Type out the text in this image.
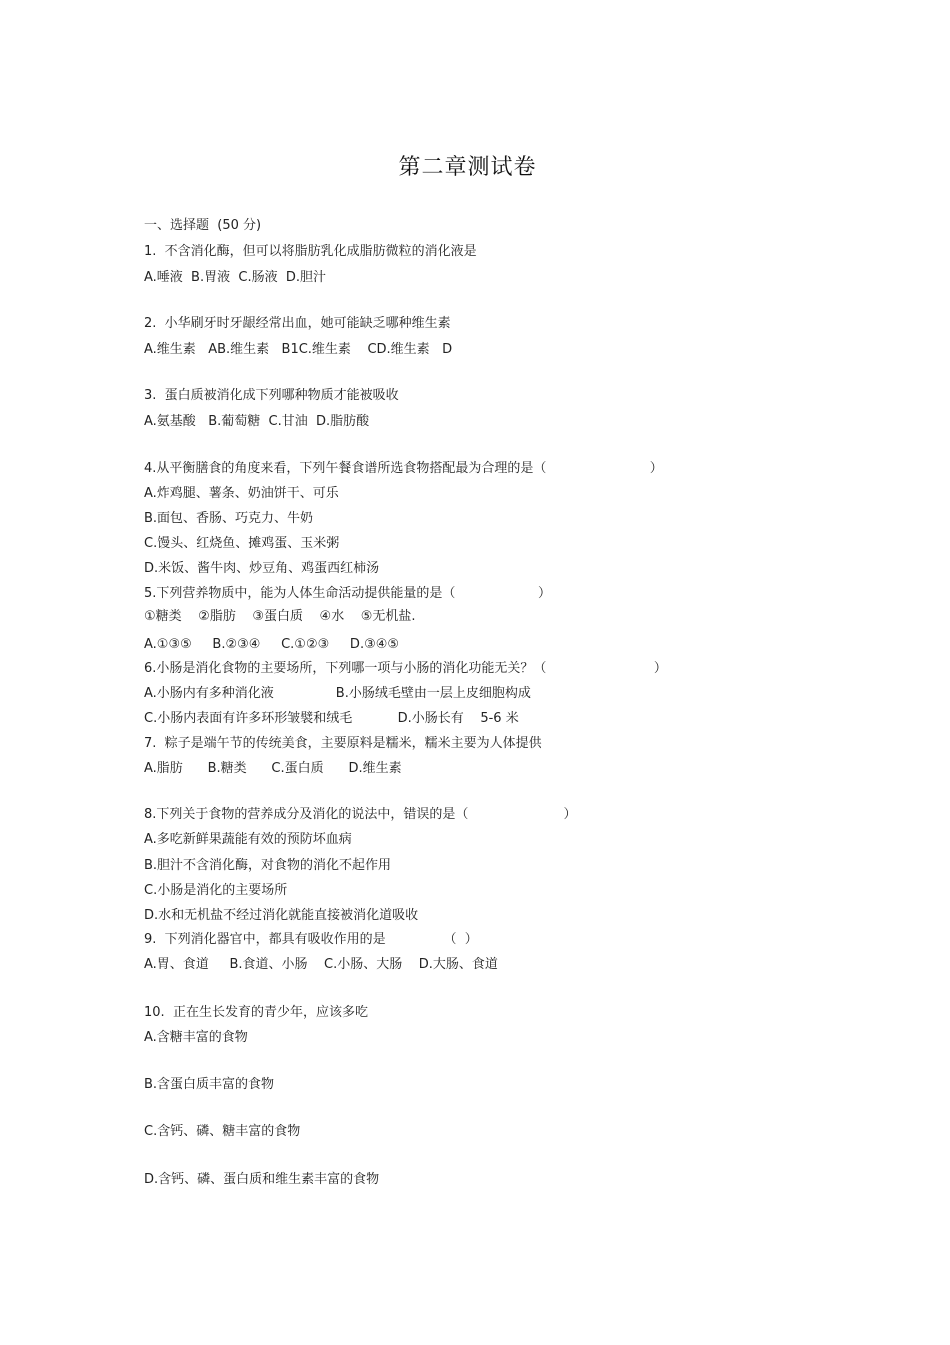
第二章测试卷
一、选择题  (50 分)
1.  不含消化酶，但可以将脂肪乳化成脂肪微粒的消化液是
A.唾液  B.胃液  C.肠液  D.胆汁
2.  小华刷牙时牙龈经常出血，她可能缺乏哪种维生素
A.维生素   AB.维生素   B1C.维生素    CD.维生素   D
3.  蛋白质被消化成下列哪种物质才能被吸收
A.氨基酸   B.葡萄糖  C.甘油  D.脂肪酸
4.从平衡膳食的角度来看，下列午餐食谱所选食物搭配最为合理的是（                         ）
A.炸鸡腿、薯条、奶油饼干、可乐
B.面包、香肠、巧克力、牛奶
C.馒头、红烧鱼、摊鸡蛋、玉米粥
D.米饭、酱牛肉、炒豆角、鸡蛋西红柿汤
5.下列营养物质中，能为人体生命活动提供能量的是（                    ）
①糖类    ②脂肪    ③蛋白质    ④水    ⑤无机盐.
A.①③⑤     B.②③④     C.①②③     D.③④⑤
6.小肠是消化食物的主要场所，下列哪一项与小肠的消化功能无关？（                          ）
A.小肠内有多种消化液               B.小肠绒毛壁由一层上皮细胞构成
C.小肠内表面有许多环形皱襞和绒毛           D.小肠长有    5-6 米
7.  粽子是端午节的传统美食，主要原料是糯米，糯米主要为人体提供
A.脂肪      B.糖类      C.蛋白质      D.维生素
8.下列关于食物的营养成分及消化的说法中，错误的是（                       ）
A.多吃新鲜果蔬能有效的预防坏血病
B.胆汁不含消化酶，对食物的消化不起作用
C.小肠是消化的主要场所
D.水和无机盐不经过消化就能直接被消化道吸收
9.  下列消化器官中，都具有吸收作用的是              （  ）
A.胃、食道     B.食道、小肠    C.小肠、大肠    D.大肠、食道
10.  正在生长发育的青少年，应该多吃
A.含糖丰富的食物
B.含蛋白质丰富的食物
C.含钙、磷、糖丰富的食物
D.含钙、磷、蛋白质和维生素丰富的食物
